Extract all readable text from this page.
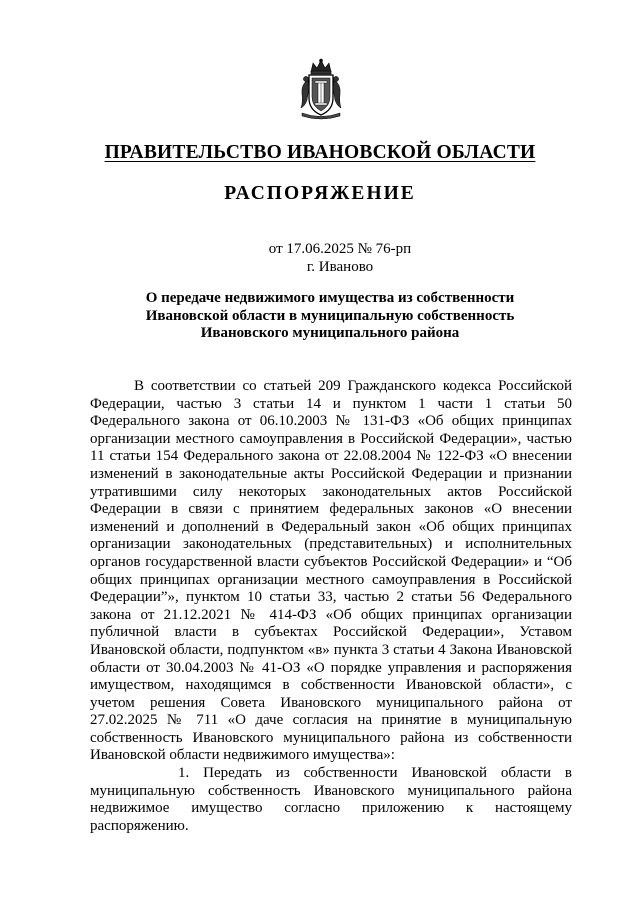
ПРАВИТЕЛЬСТВО ИВАНОВСКОЙ ОБЛАСТИ
РАСПОРЯЖЕНИЕ
от 17.06.2025 № 76-рп
г. Иваново
О передаче недвижимого имущества из собственности
Ивановской области в муниципальную собственность
Ивановского муниципального района

В соответствии со статьей 209 Гражданского кодекса Российской Федерации, частью 3 статьи 14 и пунктом 1 части 1 статьи 50 Федерального закона от 06.10.2003 № 131-ФЗ «Об общих принципах организации местного самоуправления в Российской Федерации», частью 11 статьи 154 Федерального закона от 22.08.2004 № 122-ФЗ «О внесении изменений в законодательные акты Российской Федерации и признании утратившими силу некоторых законодательных актов Российской Федерации в связи с принятием федеральных законов «О внесении изменений и дополнений в Федеральный закон «Об общих принципах организации законодательных (представительных) и исполнительных органов государственной власти субъектов Российской Федерации» и “Об общих принципах организации местного самоуправления в Российской Федерации”», пунктом 10 статьи 33, частью 2 статьи 56 Федерального закона от 21.12.2021 № 414-ФЗ «Об общих принципах организации публичной власти в субъектах Российской Федерации», Уставом Ивановской области, подпунктом «в» пункта 3 статьи 4 Закона Ивановской области от 30.04.2003 № 41-ОЗ «О порядке управления и распоряжения имуществом, находящимся в собственности Ивановской области», с учетом решения Совета Ивановского муниципального района от 27.02.2025 № 711 «О даче согласия на принятие в муниципальную собственность Ивановского муниципального района из собственности Ивановской области недвижимого имущества»:

1. Передать из собственности Ивановской области в муниципальную собственность Ивановского муниципального района недвижимое имущество согласно приложению к настоящему распоряжению.
